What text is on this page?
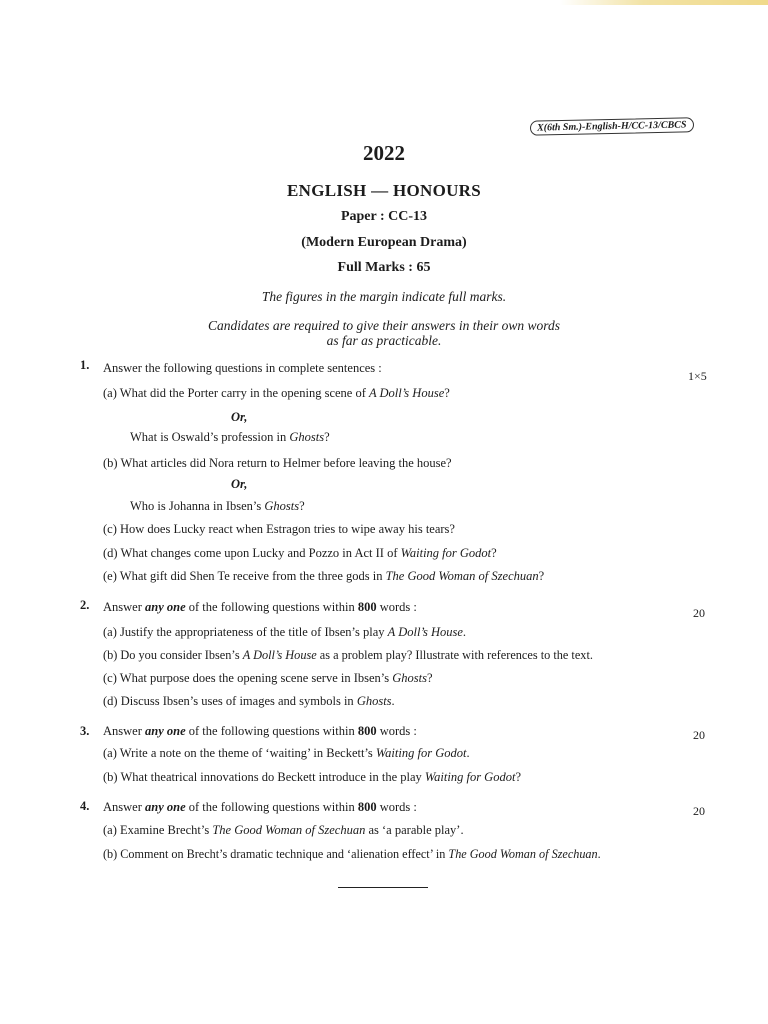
X(6th Sm.)-English-H/CC-13/CBCS
2022
ENGLISH — HONOURS
Paper : CC-13
(Modern European Drama)
Full Marks : 65
The figures in the margin indicate full marks.
Candidates are required to give their answers in their own words
as far as practicable.
1. Answer the following questions in complete sentences :
1×5
(a) What did the Porter carry in the opening scene of A Doll’s House?
Or,
What is Oswald’s profession in Ghosts?
(b) What articles did Nora return to Helmer before leaving the house?
Or,
Who is Johanna in Ibsen’s Ghosts?
(c) How does Lucky react when Estragon tries to wipe away his tears?
(d) What changes come upon Lucky and Pozzo in Act II of Waiting for Godot?
(e) What gift did Shen Te receive from the three gods in The Good Woman of Szechuan?
2. Answer any one of the following questions within 800 words :	20
(a) Justify the appropriateness of the title of Ibsen’s play A Doll’s House.
(b) Do you consider Ibsen’s A Doll’s House as a problem play? Illustrate with references to the text.
(c) What purpose does the opening scene serve in Ibsen’s Ghosts?
(d) Discuss Ibsen’s uses of images and symbols in Ghosts.
3. Answer any one of the following questions within 800 words :	20
(a) Write a note on the theme of ‘waiting’ in Beckett’s Waiting for Godot.
(b) What theatrical innovations do Beckett introduce in the play Waiting for Godot?
4. Answer any one of the following questions within 800 words :	20
(a) Examine Brecht’s The Good Woman of Szechuan as ‘a parable play’.
(b) Comment on Brecht’s dramatic technique and ‘alienation effect’ in The Good Woman of Szechuan.
